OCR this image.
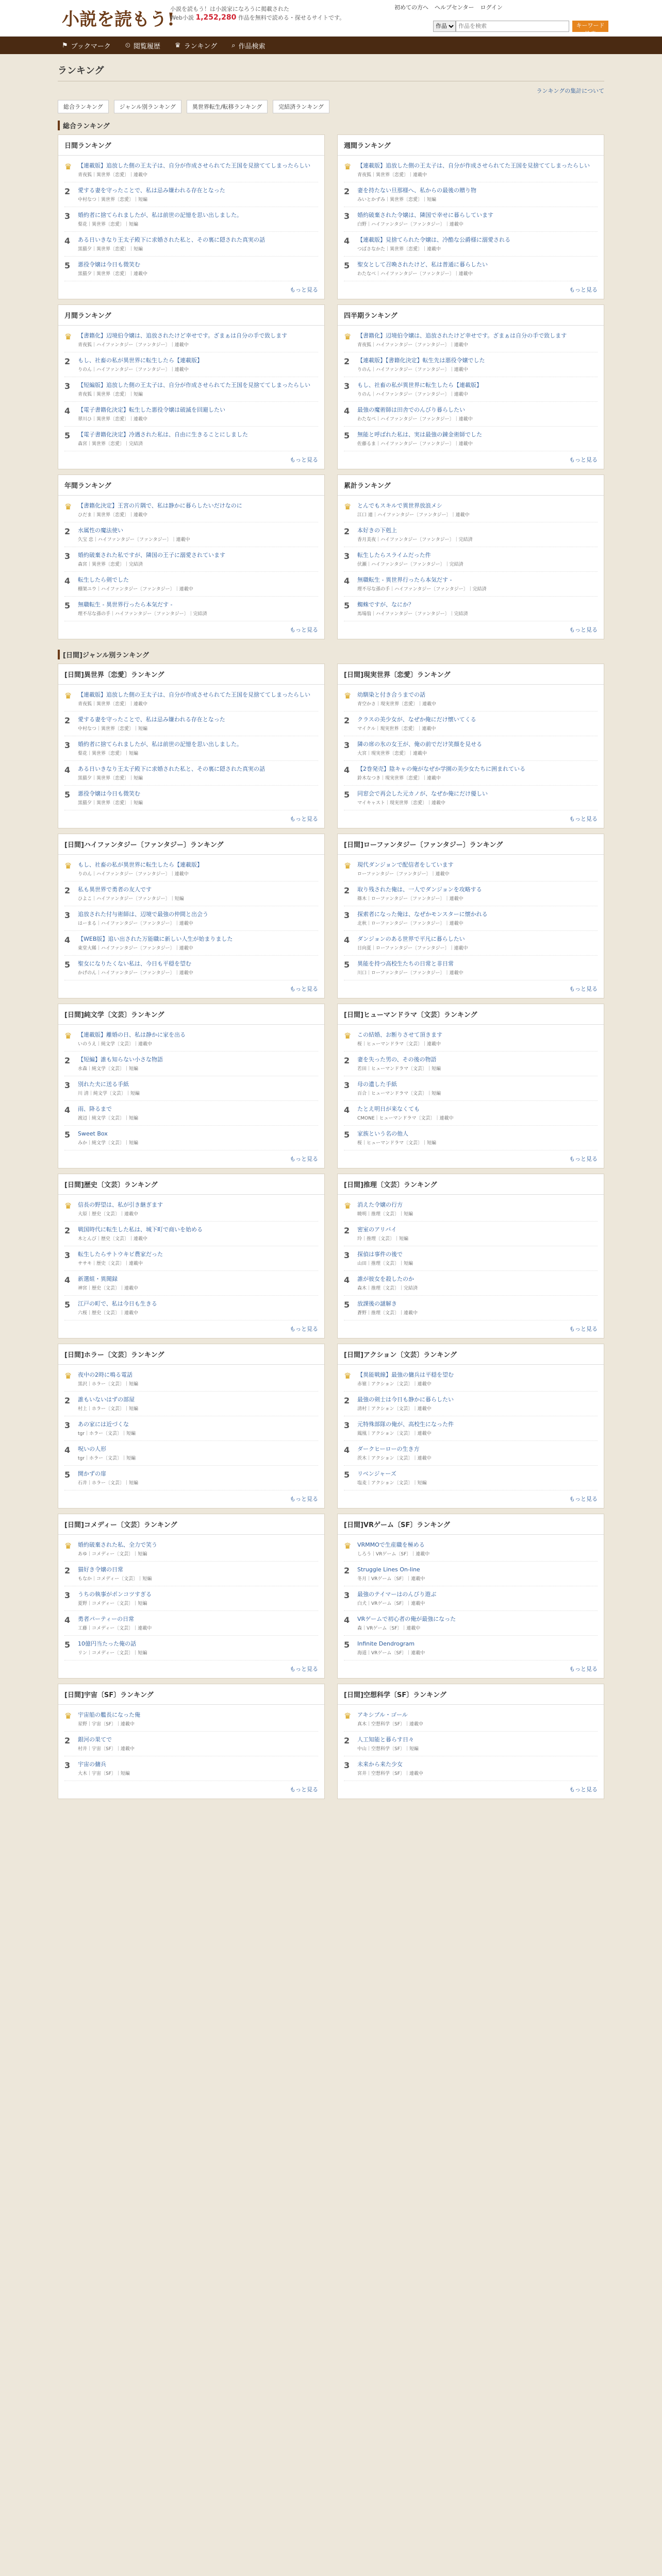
小説を読もう!
小説を読もう！は小説家になろうに掲載された
Web小説 1,252,280 作品を無料で読める・探せるサイトです。
初めての方へ ヘルプセンター ログイン
作品
作品を検索
キーワード検索
⚑ ブックマーク ⏲ 閲覧履歴 ♛ ランキング ⌕ 作品検索
ランキング
ランキングの集計について
総合ランキング	ジャンル別ランキング	異世界転生/転移ランキング	完結済ランキング
総合ランキング
日間ランキング
♛	【連載版】追放した側の王太子は、自分が作成させられてた王国を見捨ててしまったらしい
青夜狐｜異世界〔恋愛〕｜連載中
2	愛する妻を守ったことで、私は忌み嫌われる存在となった
中村なつ｜異世界〔恋愛〕｜短編
3	婚約者に捨てられましたが、私は前世の記憶を思い出しました。
梨花｜異世界〔恋愛〕｜短編
4	ある日いきなり王太子殿下に求婚された私と、その裏に隠された真実の話
黒猫夕｜異世界〔恋愛〕｜短編
5	悪役令嬢は今日も微笑む
黒猫夕｜異世界〔恋愛〕｜連載中
もっと見る
週間ランキング
♛	【連載版】追放した側の王太子は、自分が作成させられてた王国を見捨ててしまったらしい
青夜狐｜異世界〔恋愛〕｜連載中
2	妻を持たない旦那様へ、私からの最後の贈り物
みいとかずみ｜異世界〔恋愛〕｜短編
3	婚約破棄された令嬢は、隣国で幸せに暮らしています
白野｜ハイファンタジー〔ファンタジー〕｜連載中
4	【連載版】見捨てられた令嬢は、冷酷な公爵様に溺愛される
つばさなかた｜異世界〔恋愛〕｜連載中
5	聖女として召喚されたけど、私は普通に暮らしたい
わたなべ｜ハイファンタジー〔ファンタジー〕｜連載中
もっと見る
月間ランキング
♛	【書籍化】辺境伯令嬢は、追放されたけど幸せです。ざまぁは自分の手で致します
青夜狐｜ハイファンタジー〔ファンタジー〕｜連載中
2	もし、社畜の私が異世界に転生したら【連載版】
りのん｜ハイファンタジー〔ファンタジー〕｜連載中
3	【短編版】追放した側の王太子は、自分が作成させられてた王国を見捨ててしまったらしい
青夜狐｜異世界〔恋愛〕｜短編
4	【電子書籍化決定】転生した悪役令嬢は破滅を回避したい
翠川ひ｜異世界〔恋愛〕｜連載中
5	【電子書籍化決定】冷遇された私は、自由に生きることにしました
森宮｜異世界〔恋愛〕｜完結済
もっと見る
四半期ランキング
♛	【書籍化】辺境伯令嬢は、追放されたけど幸せです。ざまぁは自分の手で致します
青夜狐｜ハイファンタジー〔ファンタジー〕｜連載中
2	【連載版】【書籍化決定】転生先は悪役令嬢でした
りのん｜ハイファンタジー〔ファンタジー〕｜連載中
3	もし、社畜の私が異世界に転生したら【連載版】
りのん｜ハイファンタジー〔ファンタジー〕｜連載中
4	最強の魔術師は田舎でのんびり暮らしたい
わたなべ｜ハイファンタジー〔ファンタジー〕｜連載中
5	無能と呼ばれた私は、実は最強の錬金術師でした
佐藤るま｜ハイファンタジー〔ファンタジー〕｜連載中
もっと見る
年間ランキング
♛	【書籍化決定】王宮の片隅で、私は静かに暮らしたいだけなのに
ひだま｜異世界〔恋愛〕｜連載中
2	水属性の魔法使い
久宝 忠｜ハイファンタジー〔ファンタジー〕｜連載中
3	婚約破棄された私ですが、隣国の王子に溺愛されています
森宮｜異世界〔恋愛〕｜完結済
4	転生したら剣でした
棚架ユウ｜ハイファンタジー〔ファンタジー〕｜連載中
5	無職転生 - 異世界行ったら本気だす -
理不尽な孫の手｜ハイファンタジー〔ファンタジー〕｜完結済
もっと見る
累計ランキング
♛	とんでもスキルで異世界放浪メシ
江口 連｜ハイファンタジー〔ファンタジー〕｜連載中
2	本好きの下剋上
香月美夜｜ハイファンタジー〔ファンタジー〕｜完結済
3	転生したらスライムだった件
伏瀬｜ハイファンタジー〔ファンタジー〕｜完結済
4	無職転生 - 異世界行ったら本気だす -
理不尽な孫の手｜ハイファンタジー〔ファンタジー〕｜完結済
5	蜘蛛ですが、なにか？
馬場翁｜ハイファンタジー〔ファンタジー〕｜完結済
もっと見る
[日間]ジャンル別ランキング
[日間]異世界〔恋愛〕ランキング
♛	【連載版】追放した側の王太子は、自分が作成させられてた王国を見捨ててしまったらしい
青夜狐｜異世界〔恋愛〕｜連載中
2	愛する妻を守ったことで、私は忌み嫌われる存在となった
中村なつ｜異世界〔恋愛〕｜短編
3	婚約者に捨てられましたが、私は前世の記憶を思い出しました。
梨花｜異世界〔恋愛〕｜短編
4	ある日いきなり王太子殿下に求婚された私と、その裏に隠された真実の話
黒猫夕｜異世界〔恋愛〕｜短編
5	悪役令嬢は今日も微笑む
黒猫夕｜異世界〔恋愛〕｜短編
もっと見る
[日間]現実世界〔恋愛〕ランキング
♛	幼馴染と付き合うまでの話
青空かさ｜現実世界〔恋愛〕｜連載中
2	クラスの美少女が、なぜか俺にだけ懐いてくる
マイクル｜現実世界〔恋愛〕｜連載中
3	隣の席の氷の女王が、俺の前でだけ笑顔を見せる
大宮｜現実世界〔恋愛〕｜連載中
4	【2巻発売】陰キャの俺がなぜか学園の美少女たちに囲まれている
鈴木なつき｜現実世界〔恋愛〕｜連載中
5	同窓会で再会した元カノが、なぜか俺にだけ優しい
マイキャスト｜現実世界〔恋愛〕｜連載中
もっと見る
[日間]ハイファンタジー〔ファンタジー〕ランキング
♛	もし、社畜の私が異世界に転生したら【連載版】
りのん｜ハイファンタジー〔ファンタジー〕｜連載中
2	私も異世界で勇者の友人です
ひよこ｜ハイファンタジー〔ファンタジー〕｜短編
3	追放された付与術師は、辺境で最強の仲間と出会う
はーまる｜ハイファンタジー〔ファンタジー〕｜連載中
4	【WEB版】追い出された万能職に新しい人生が始まりました
東堂大稀｜ハイファンタジー〔ファンタジー〕｜連載中
5	聖女になりたくない私は、今日も平穏を望む
かげのん｜ハイファンタジー〔ファンタジー〕｜連載中
もっと見る
[日間]ローファンタジー〔ファンタジー〕ランキング
♛	現代ダンジョンで配信者をしています
ローファンタジー〔ファンタジー〕｜連載中
2	取り残された俺は、一人でダンジョンを攻略する
篠木｜ローファンタジー〔ファンタジー〕｜連載中
3	探索者になった俺は、なぜかモンスターに懐かれる
北秋｜ローファンタジー〔ファンタジー〕｜連載中
4	ダンジョンのある世界で平凡に暮らしたい
日向夏｜ローファンタジー〔ファンタジー〕｜連載中
5	異能を持つ高校生たちの日常と非日常
川口｜ローファンタジー〔ファンタジー〕｜連載中
もっと見る
[日間]純文学〔文芸〕ランキング
♛	【連載版】離婚の日、私は静かに家を出る
いのうえ｜純文学〔文芸〕｜連載中
2	【短編】誰も知らない小さな物語
水森｜純文学〔文芸〕｜短編
3	別れた夫に送る手紙
川 清｜純文学〔文芸〕｜短編
4	雨、降るまで
渡辺｜純文学〔文芸〕｜短編
5	Sweet Box
みか｜純文学〔文芸〕｜短編
もっと見る
[日間]ヒューマンドラマ〔文芸〕ランキング
♛	この結婚、お断りさせて頂きます
桜｜ヒューマンドラマ〔文芸〕｜連載中
2	妻を失った男の、その後の物語
若田｜ヒューマンドラマ〔文芸〕｜短編
3	母の遺した手紙
百合｜ヒューマンドラマ〔文芸〕｜短編
4	たとえ明日が来なくても
CMONE｜ヒューマンドラマ〔文芸〕｜連載中
5	家族という名の他人
桜｜ヒューマンドラマ〔文芸〕｜短編
もっと見る
[日間]歴史〔文芸〕ランキング
♛	信長の野望は、私が引き継ぎます
大原｜歴史〔文芸〕｜連載中
2	戦国時代に転生した私は、城下町で商いを始める
木とんび｜歴史〔文芸〕｜連載中
3	転生したらサトウキビ農家だった
ササキ｜歴史〔文芸〕｜連載中
4	新選組・異聞録
神宮｜歴史〔文芸〕｜連載中
5	江戸の町で、私は今日も生きる
六桜｜歴史〔文芸〕｜連載中
もっと見る
[日間]推理〔文芸〕ランキング
♛	消えた令嬢の行方
暁明｜推理〔文芸〕｜短編
2	密室のアリバイ
玲｜推理〔文芸〕｜短編
3	探偵は事件の後で
山田｜推理〔文芸〕｜短編
4	誰が彼女を殺したのか
森木｜推理〔文芸〕｜完結済
5	放課後の謎解き
蒼野｜推理〔文芸〕｜連載中
もっと見る
[日間]ホラー〔文芸〕ランキング
♛	夜中の2時に鳴る電話
黒沢｜ホラー〔文芸〕｜短編
2	誰もいないはずの部屋
村上｜ホラー〔文芸〕｜短編
3	あの家には近づくな
tgr｜ホラー〔文芸〕｜短編
4	呪いの人形
tgr｜ホラー〔文芸〕｜短編
5	開かずの扉
石井｜ホラー〔文芸〕｜短編
もっと見る
[日間]アクション〔文芸〕ランキング
♛	【異能戦線】最強の傭兵は平穏を望む
赤嶺｜アクション〔文芸〕｜連載中
2	最強の剣士は今日も静かに暮らしたい
清村｜アクション〔文芸〕｜連載中
3	元特殊部隊の俺が、高校生になった件
鳳凰｜アクション〔文芸〕｜連載中
4	ダークヒーローの生き方
茨木｜アクション〔文芸〕｜連載中
5	リベンジャーズ
塩麦｜アクション〔文芸〕｜短編
もっと見る
[日間]コメディー〔文芸〕ランキング
♛	婚約破棄された私、全力で笑う
あゆ｜コメディー〔文芸〕｜短編
2	猫好き令嬢の日常
もなか｜コメディー〔文芸〕｜短編
3	うちの執事がポンコツすぎる
夏野｜コメディー〔文芸〕｜短編
4	勇者パーティーの日常
工藤｜コメディー〔文芸〕｜連載中
5	10億円当たった俺の話
リン｜コメディー〔文芸〕｜短編
もっと見る
[日間]VRゲーム〔SF〕ランキング
♛	VRMMOで生産職を極める
しろう｜VRゲーム〔SF〕｜連載中
2	Struggle Lines On-line
冬月｜VRゲーム〔SF〕｜連載中
3	最強のテイマーはのんびり遊ぶ
白犬｜VRゲーム〔SF〕｜連載中
4	VRゲームで初心者の俺が最強になった
森｜VRゲーム〔SF〕｜連載中
5	Infinite Dendrogram
海道｜VRゲーム〔SF〕｜連載中
もっと見る
[日間]宇宙〔SF〕ランキング
♛	宇宙船の艦長になった俺
星野｜宇宙〔SF〕｜連載中
2	銀河の果てで
村井｜宇宙〔SF〕｜連載中
3	宇宙の傭兵
大木｜宇宙〔SF〕｜短編
もっと見る
[日間]空想科学〔SF〕ランキング
♛	アキシブル・ゴール
真木｜空想科学〔SF〕｜連載中
2	人工知能と暮らす日々
中山｜空想科学〔SF〕｜短編
3	未来から来た少女
宮井｜空想科学〔SF〕｜連載中
もっと見る
